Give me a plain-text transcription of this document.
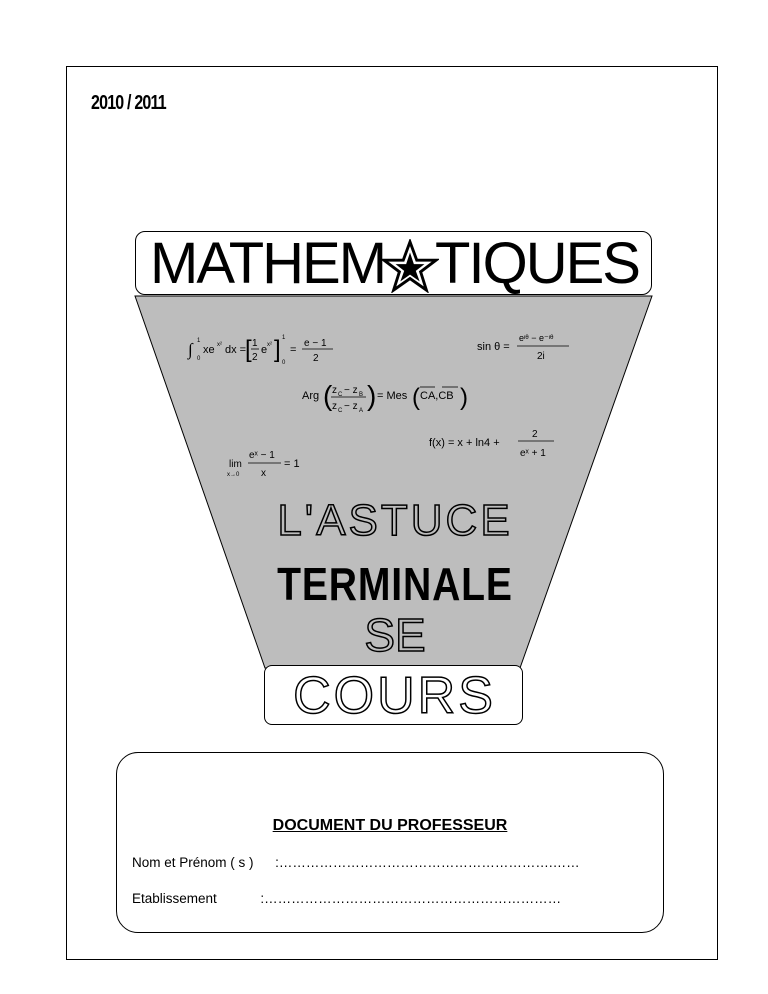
2010 / 2011
MATHEM TIQUES
∫ 1
0
xe x² dx =
[ 1
2
e x² ] 1
0
=
e − 1
2
sin θ =
eᶦᶿ − e⁻ᶦᶿ
2i
Arg ( z C − z B
z C − z A ) = Mes ( CA,CB )
f(x) = x + ln4 +
2
eˣ + 1
lim
x→0
eˣ − 1
x
= 1
L'ASTUCE
TERMINALE
SE
COURS
DOCUMENT DU PROFESSEUR
Nom et Prénom ( s ) :…………………………………………………….……
Etablissement	:…………………………………………………………
